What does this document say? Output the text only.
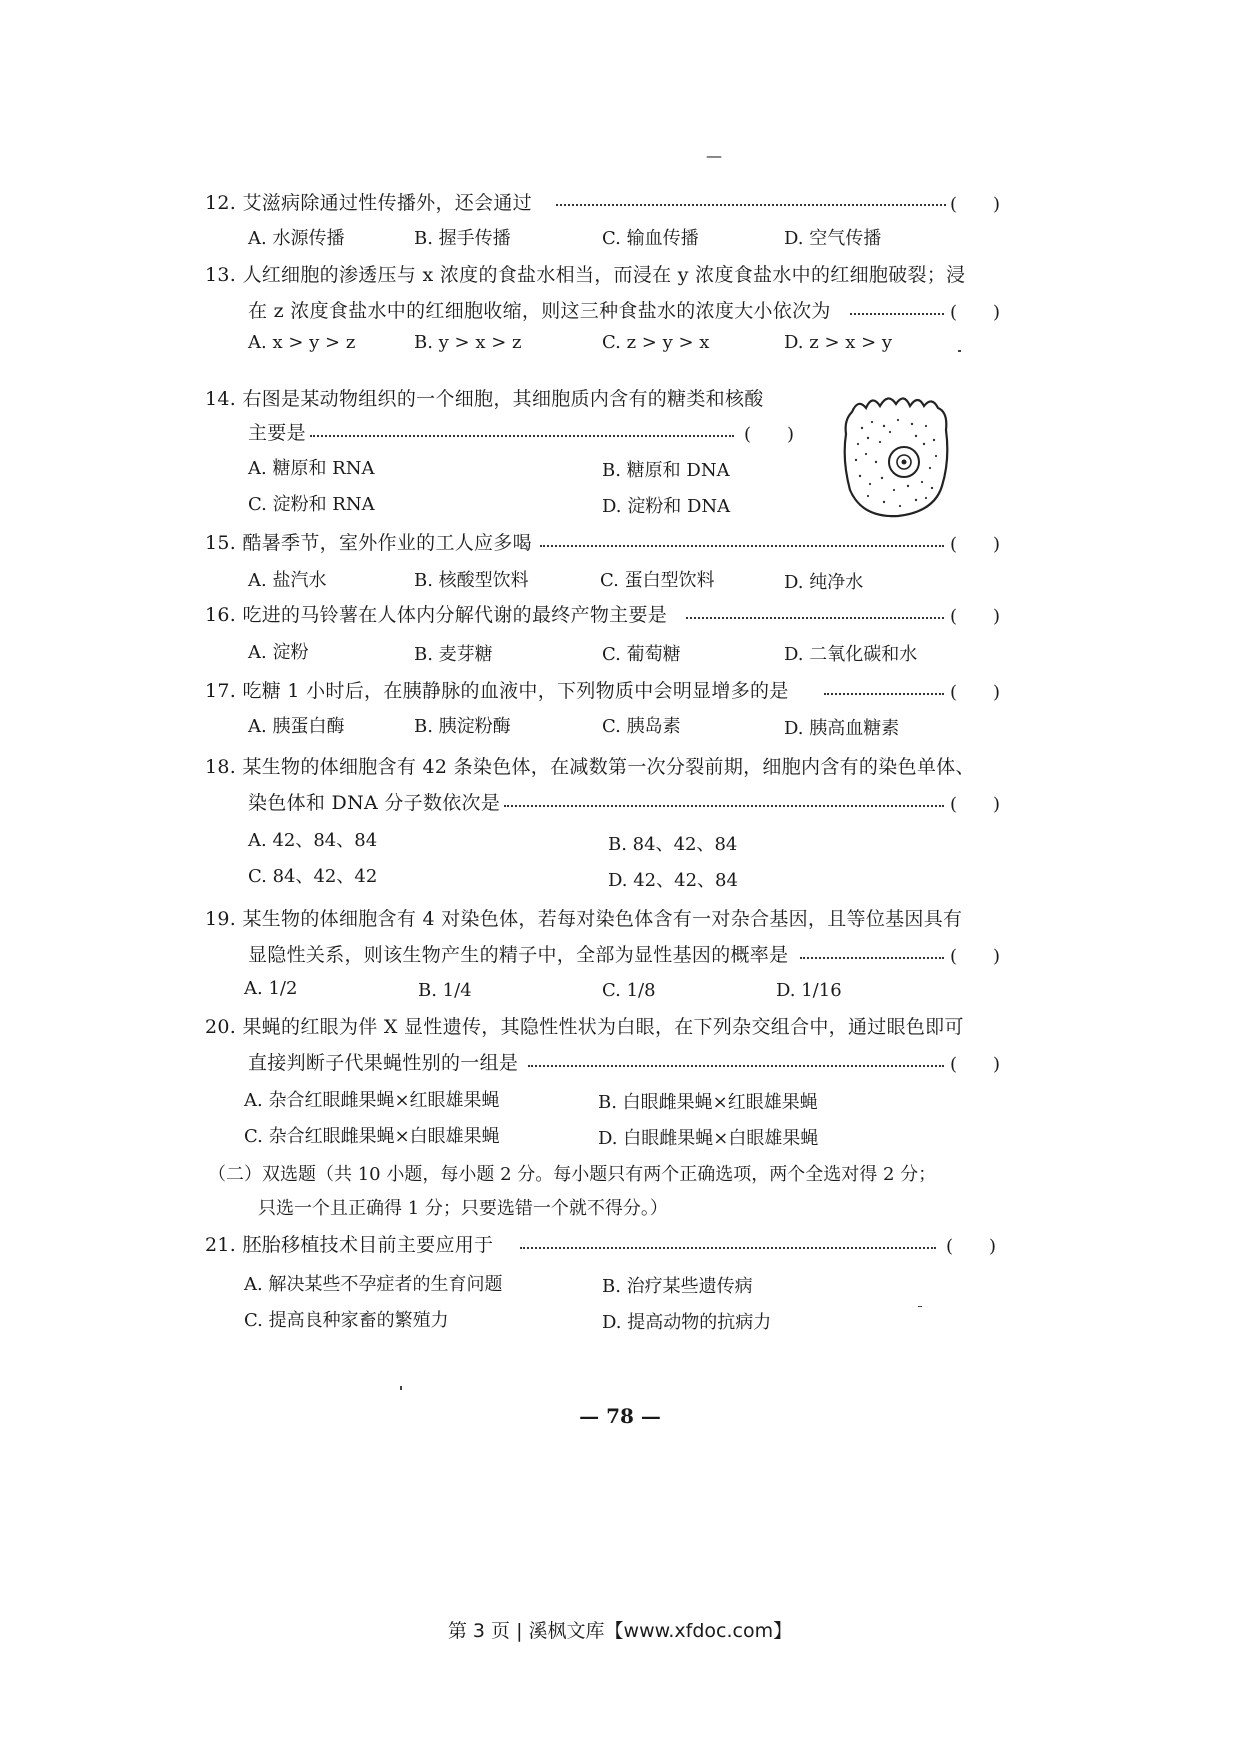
—
12. 艾滋病除通过性传播外，还会通过	(　　)
A. 水源传播	B. 握手传播	C. 输血传播	D. 空气传播
13. 人红细胞的渗透压与 x 浓度的食盐水相当，而浸在 y 浓度食盐水中的红细胞破裂；浸
在 z 浓度食盐水中的红细胞收缩，则这三种食盐水的浓度大小依次为	(　　)
A. x > y > z	B. y > x > z	C. z > y > x	D. z > x > y
14. 右图是某动物组织的一个细胞，其细胞质内含有的糖类和核酸
主要是	(　　)
A. 糖原和 RNA	B. 糖原和 DNA
C. 淀粉和 RNA	D. 淀粉和 DNA
15. 酷暑季节，室外作业的工人应多喝	(　　)
A. 盐汽水	B. 核酸型饮料	C. 蛋白型饮料	D. 纯净水
16. 吃进的马铃薯在人体内分解代谢的最终产物主要是	(　　)
A. 淀粉	B. 麦芽糖	C. 葡萄糖	D. 二氧化碳和水
17. 吃糖 1 小时后，在胰静脉的血液中，下列物质中会明显增多的是	(　　)
A. 胰蛋白酶	B. 胰淀粉酶	C. 胰岛素	D. 胰高血糖素
18. 某生物的体细胞含有 42 条染色体，在减数第一次分裂前期，细胞内含有的染色单体、
染色体和 DNA 分子数依次是	(　　)
A. 42、84、84	B. 84、42、84
C. 84、42、42	D. 42、42、84
19. 某生物的体细胞含有 4 对染色体，若每对染色体含有一对杂合基因，且等位基因具有
显隐性关系，则该生物产生的精子中，全部为显性基因的概率是	(　　)
A. 1/2	B. 1/4	C. 1/8	D. 1/16
20. 果蝇的红眼为伴 X 显性遗传，其隐性性状为白眼，在下列杂交组合中，通过眼色即可
直接判断子代果蝇性别的一组是	(　　)
A. 杂合红眼雌果蝇×红眼雄果蝇	B. 白眼雌果蝇×红眼雄果蝇
C. 杂合红眼雌果蝇×白眼雄果蝇	D. 白眼雌果蝇×白眼雄果蝇
（二）双选题（共 10 小题，每小题 2 分。每小题只有两个正确选项，两个全选对得 2 分；
只选一个且正确得 1 分；只要选错一个就不得分。）
21. 胚胎移植技术目前主要应用于	(　　)
A. 解决某些不孕症者的生育问题	B. 治疗某些遗传病
C. 提高良种家畜的繁殖力	D. 提高动物的抗病力
— 78 —
第 3 页 | 溪枫文库【www.xfdoc.com】
